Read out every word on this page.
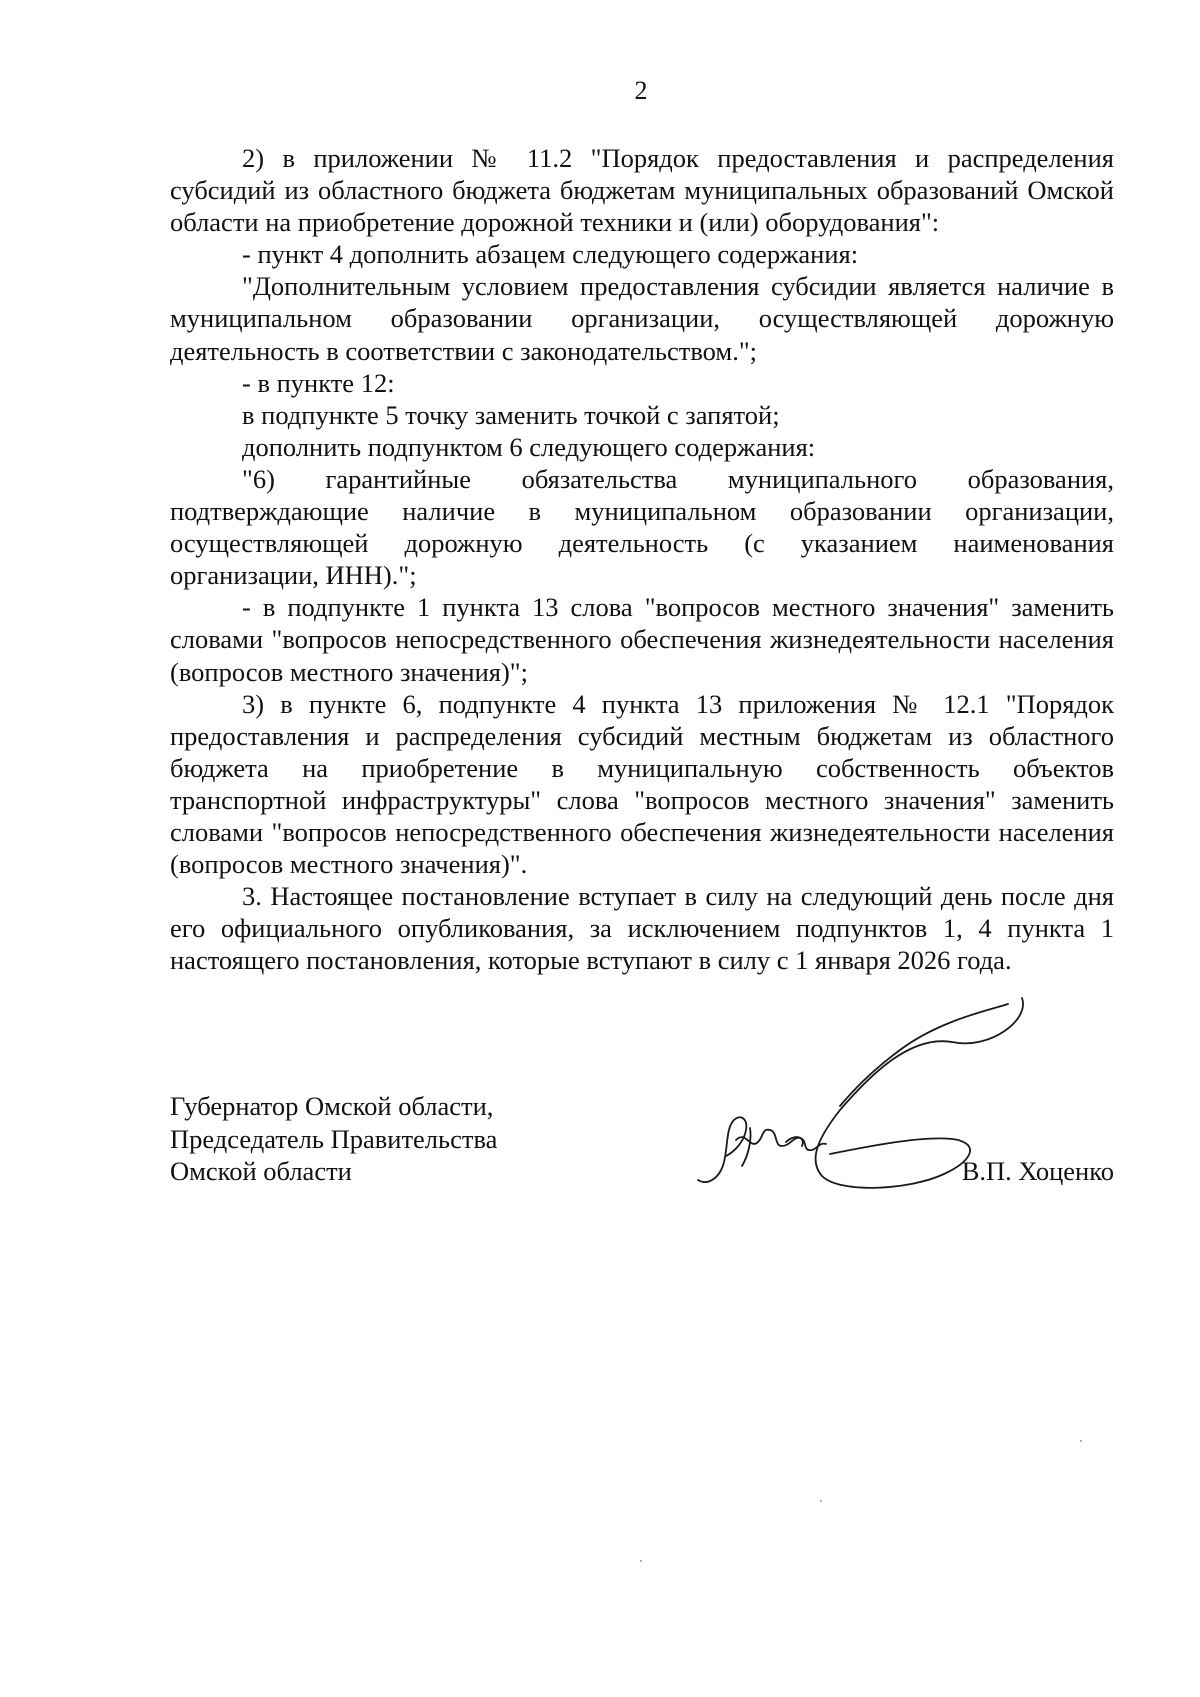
2

2) в приложении № 11.2 "Порядок предоставления и распределения субсидий из областного бюджета бюджетам муниципальных образований Омской области на приобретение дорожной техники и (или) оборудования":

- пункт 4 дополнить абзацем следующего содержания:

"Дополнительным условием предоставления субсидии является наличие в муниципальном образовании организации, осуществляющей дорожную деятельность в соответствии с законодательством.";

- в пункте 12:

в подпункте 5 точку заменить точкой с запятой;

дополнить подпунктом 6 следующего содержания:

"6) гарантийные обязательства муниципального образования, подтверждающие наличие в муниципальном образовании организации, осуществляющей дорожную деятельность (с указанием наименования организации, ИНН).";

- в подпункте 1 пункта 13 слова "вопросов местного значения" заменить словами "вопросов непосредственного обеспечения жизнедеятельности населения (вопросов местного значения)";

3) в пункте 6, подпункте 4 пункта 13 приложения № 12.1 "Порядок предоставления и распределения субсидий местным бюджетам из областного бюджета на приобретение в муниципальную собственность объектов транспортной инфраструктуры" слова "вопросов местного значения" заменить словами "вопросов непосредственного обеспечения жизнедеятельности населения (вопросов местного значения)".

3. Настоящее постановление вступает в силу на следующий день после дня его официального опубликования, за исключением подпунктов 1, 4 пункта 1 настоящего постановления, которые вступают в силу с 1 января 2026 года.

Губернатор Омской области,
Председатель Правительства
Омской области	В.П. Хоценко
